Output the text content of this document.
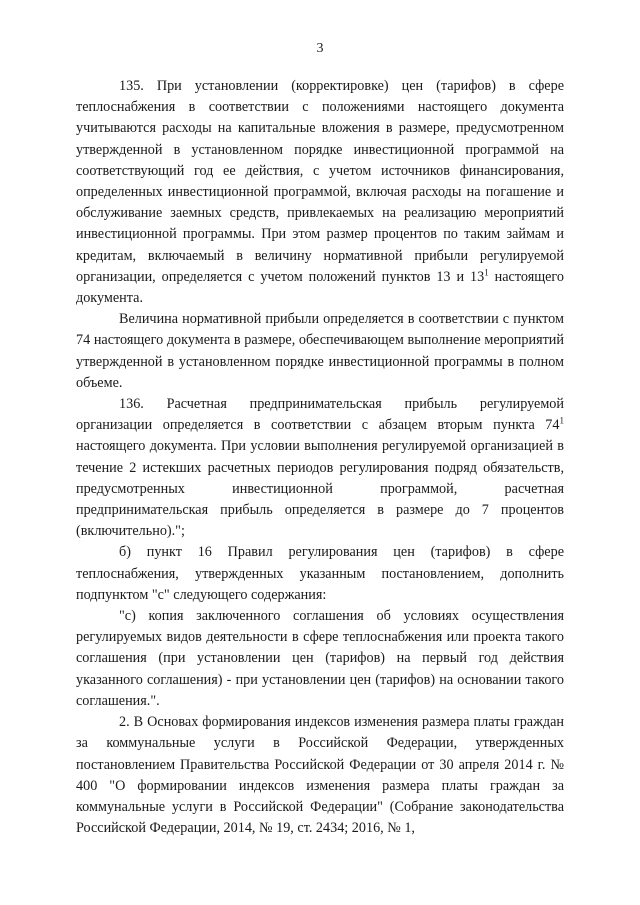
3

135. При установлении (корректировке) цен (тарифов) в сфере теплоснабжения в соответствии с положениями настоящего документа учитываются расходы на капитальные вложения в размере, предусмотренном утвержденной в установленном порядке инвестиционной программой на соответствующий год ее действия, с учетом источников финансирования, определенных инвестиционной программой, включая расходы на погашение и обслуживание заемных средств, привлекаемых на реализацию мероприятий инвестиционной программы. При этом размер процентов по таким займам и кредитам, включаемый в величину нормативной прибыли регулируемой организации, определяется с учетом положений пунктов 13 и 13$^1$ настоящего документа.

Величина нормативной прибыли определяется в соответствии с пунктом 74 настоящего документа в размере, обеспечивающем выполнение мероприятий утвержденной в установленном порядке инвестиционной программы в полном объеме.

136. Расчетная предпринимательская прибыль регулируемой организации определяется в соответствии с абзацем вторым пункта 74$^1$ настоящего документа. При условии выполнения регулируемой организацией в течение 2 истекших расчетных периодов регулирования подряд обязательств, предусмотренных инвестиционной программой, расчетная предпринимательская прибыль определяется в размере до 7 процентов (включительно).";

б) пункт 16 Правил регулирования цен (тарифов) в сфере теплоснабжения, утвержденных указанным постановлением, дополнить подпунктом "с" следующего содержания:

"с) копия заключенного соглашения об условиях осуществления регулируемых видов деятельности в сфере теплоснабжения или проекта такого соглашения (при установлении цен (тарифов) на первый год действия указанного соглашения) - при установлении цен (тарифов) на основании такого соглашения.".

2. В Основах формирования индексов изменения размера платы граждан за коммунальные услуги в Российской Федерации, утвержденных постановлением Правительства Российской Федерации от 30 апреля 2014 г. № 400 "О формировании индексов изменения размера платы граждан за коммунальные услуги в Российской Федерации" (Собрание законодательства Российской Федерации, 2014, № 19, ст. 2434; 2016, № 1,
